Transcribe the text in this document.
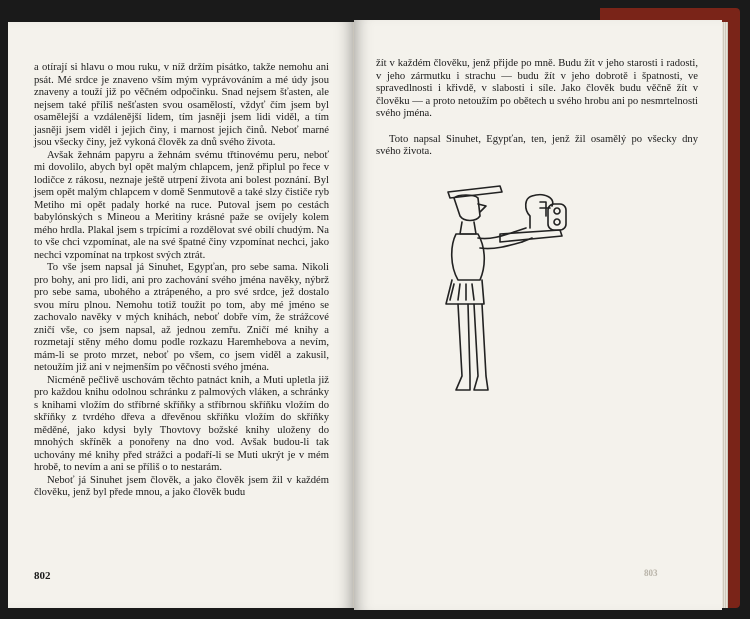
a otírají si hlavu o mou ruku, v níž držím pisátko, takže nemohu ani psát. Mé srdce je znaveno vším mým vyprávováním a mé údy jsou znaveny a touží již po věčném odpočinku. Snad nejsem šťasten, ale nejsem také příliš nešťasten svou osamělostí, vždyť čím jsem byl osamělejší a vzdálenější lidem, tím jasněji jsem lidi viděl, a tím jasněji jsem viděl i jejich činy, i marnost jejich činů. Neboť marné jsou všecky činy, jež vykoná člověk za dnů svého života.

Avšak žehnám papyru a žehnám svému třtinovému peru, neboť mi dovolilo, abych byl opět malým chlapcem, jenž připlul po řece v lodičce z rákosu, neznaje ještě utrpení života ani bolest poznání. Byl jsem opět malým chlapcem v domě Senmutově a také slzy čističe ryb Metiho mi opět padaly horké na ruce. Putoval jsem po cestách babylónských s Mineou a Meritiny krásné paže se ovíjely kolem mého hrdla. Plakal jsem s trpícími a rozdělovat své obilí chudým. Na to vše chci vzpomínat, ale na své špatné činy vzpomínat nechci, jako nechci vzpomínat na trpkost svých ztrát.

To vše jsem napsal já Sinuhet, Egypťan, pro sebe sama. Nikoli pro bohy, ani pro lidi, ani pro zachování svého jména navěky, nýbrž pro sebe sama, ubohého a ztrápeného, a pro své srdce, jež dostalo svou míru plnou. Nemohu totiž toužit po tom, aby mé jméno se zachovalo navěky v mých knihách, neboť dobře vím, že strážcové zničí vše, co jsem napsal, až jednou zemřu. Zničí mé knihy a rozmetají stěny mého domu podle rozkazu Haremhebova a nevím, mám-li se proto mrzet, neboť po všem, co jsem viděl a zakusil, netoužím již ani v nejmenším po věčnosti svého jména.

Nicméně pečlivě uschovám těchto patnáct knih, a Muti upletla již pro každou knihu odolnou schránku z palmových vláken, a schránky s knihami vložím do stříbrné skříňky a stříbrnou skříňku vložím do skříňky z tvrdého dřeva a dřevěnou skříňku vložím do skříňky měděné, jako kdysi byly Thovtovy božské knihy uloženy do mnohých skříněk a ponořeny na dno vod. Avšak budou-li tak uchovány mé knihy před strážci a podaří-li se Muti ukrýt je v mém hrobě, to nevím a ani se příliš o to nestarám.

Neboť já Sinuhet jsem člověk, a jako člověk jsem žil v každém člověku, jenž byl přede mnou, a jako člověk budu

802

žít v každém člověku, jenž přijde po mně. Budu žít v jeho starosti i radosti, v jeho zármutku i strachu — budu žít v jeho dobrotě i špatnosti, ve spravedlnosti i křivdě, v slabosti i síle. Jako člověk budu věčně žít v člověku — a proto netoužím po obětech u svého hrobu ani po nesmrtelnosti svého jména.

Toto napsal Sinuhet, Egypťan, ten, jenž žil osamělý po všecky dny svého života.

803
